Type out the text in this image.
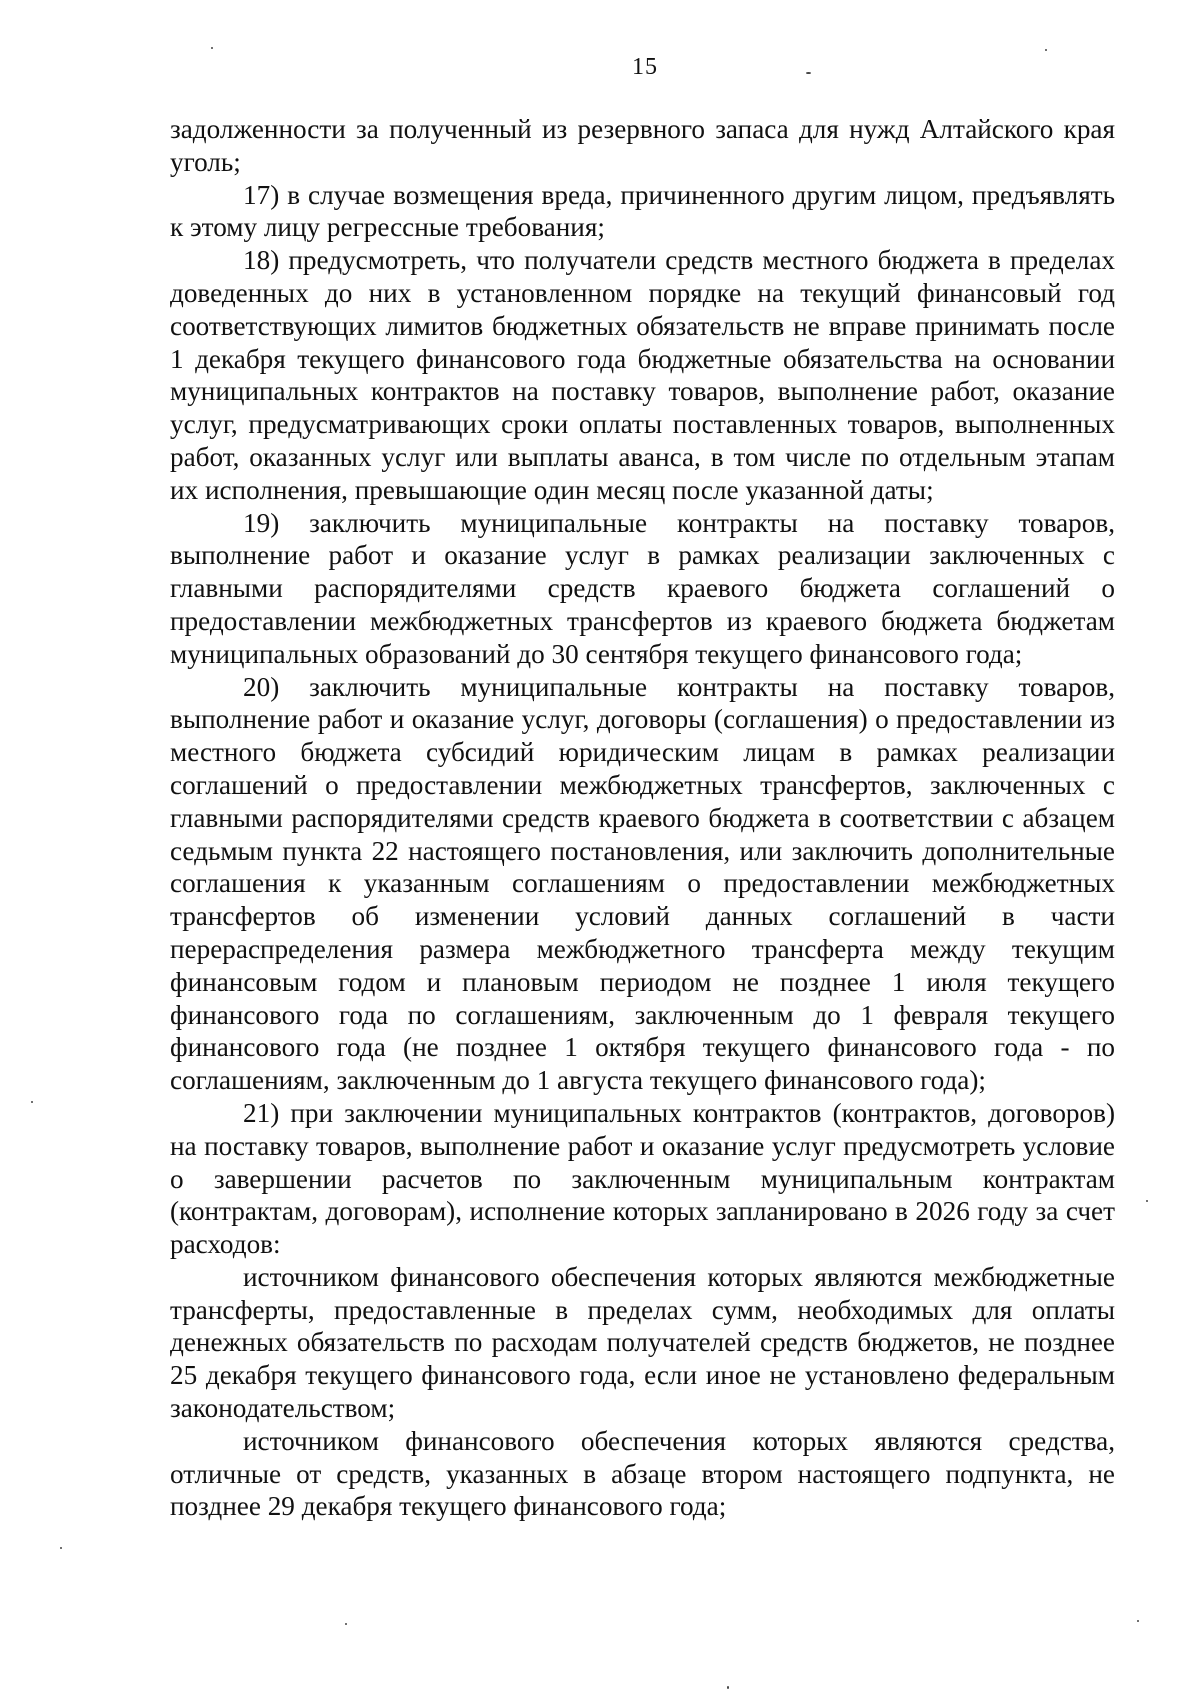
15

задолженности за полученный из резервного запаса для нужд Алтайского края уголь;

17) в случае возмещения вреда, причиненного другим лицом, предъявлять к этому лицу регрессные требования;

18) предусмотреть, что получатели средств местного бюджета в пределах доведенных до них в установленном порядке на текущий финансовый год соответствующих лимитов бюджетных обязательств не вправе принимать после 1 декабря текущего финансового года бюджетные обязательства на основании муниципальных контрактов на поставку товаров, выполнение работ, оказание услуг, предусматривающих сроки оплаты поставленных товаров, выполненных работ, оказанных услуг или выплаты аванса, в том числе по отдельным этапам их исполнения, превышающие один месяц после указанной даты;

19) заключить муниципальные контракты на поставку товаров, выполнение работ и оказание услуг в рамках реализации заключенных с главными распорядителями средств краевого бюджета соглашений о предоставлении межбюджетных трансфертов из краевого бюджета бюджетам муниципальных образований до 30 сентября текущего финансового года;

20) заключить муниципальные контракты на поставку товаров, выполнение работ и оказание услуг, договоры (соглашения) о предоставлении из местного бюджета субсидий юридическим лицам в рамках реализации соглашений о предоставлении межбюджетных трансфертов, заключенных с главными распорядителями средств краевого бюджета в соответствии с абзацем седьмым пункта 22 настоящего постановления, или заключить дополнительные соглашения к указанным соглашениям о предоставлении межбюджетных трансфертов об изменении условий данных соглашений в части перераспределения размера межбюджетного трансферта между текущим финансовым годом и плановым периодом не позднее 1 июля текущего финансового года по соглашениям, заключенным до 1 февраля текущего финансового года (не позднее 1 октября текущего финансового года - по соглашениям, заключенным до 1 августа текущего финансового года);

21) при заключении муниципальных контрактов (контрактов, договоров) на поставку товаров, выполнение работ и оказание услуг предусмотреть условие о завершении расчетов по заключенным муниципальным контрактам (контрактам, договорам), исполнение которых запланировано в 2026 году за счет расходов:

источником финансового обеспечения которых являются межбюджетные трансферты, предоставленные в пределах сумм, необходимых для оплаты денежных обязательств по расходам получателей средств бюджетов, не позднее 25 декабря текущего финансового года, если иное не установлено федеральным законодательством;

источником финансового обеспечения которых являются средства, отличные от средств, указанных в абзаце втором настоящего подпункта, не позднее 29 декабря текущего финансового года;
